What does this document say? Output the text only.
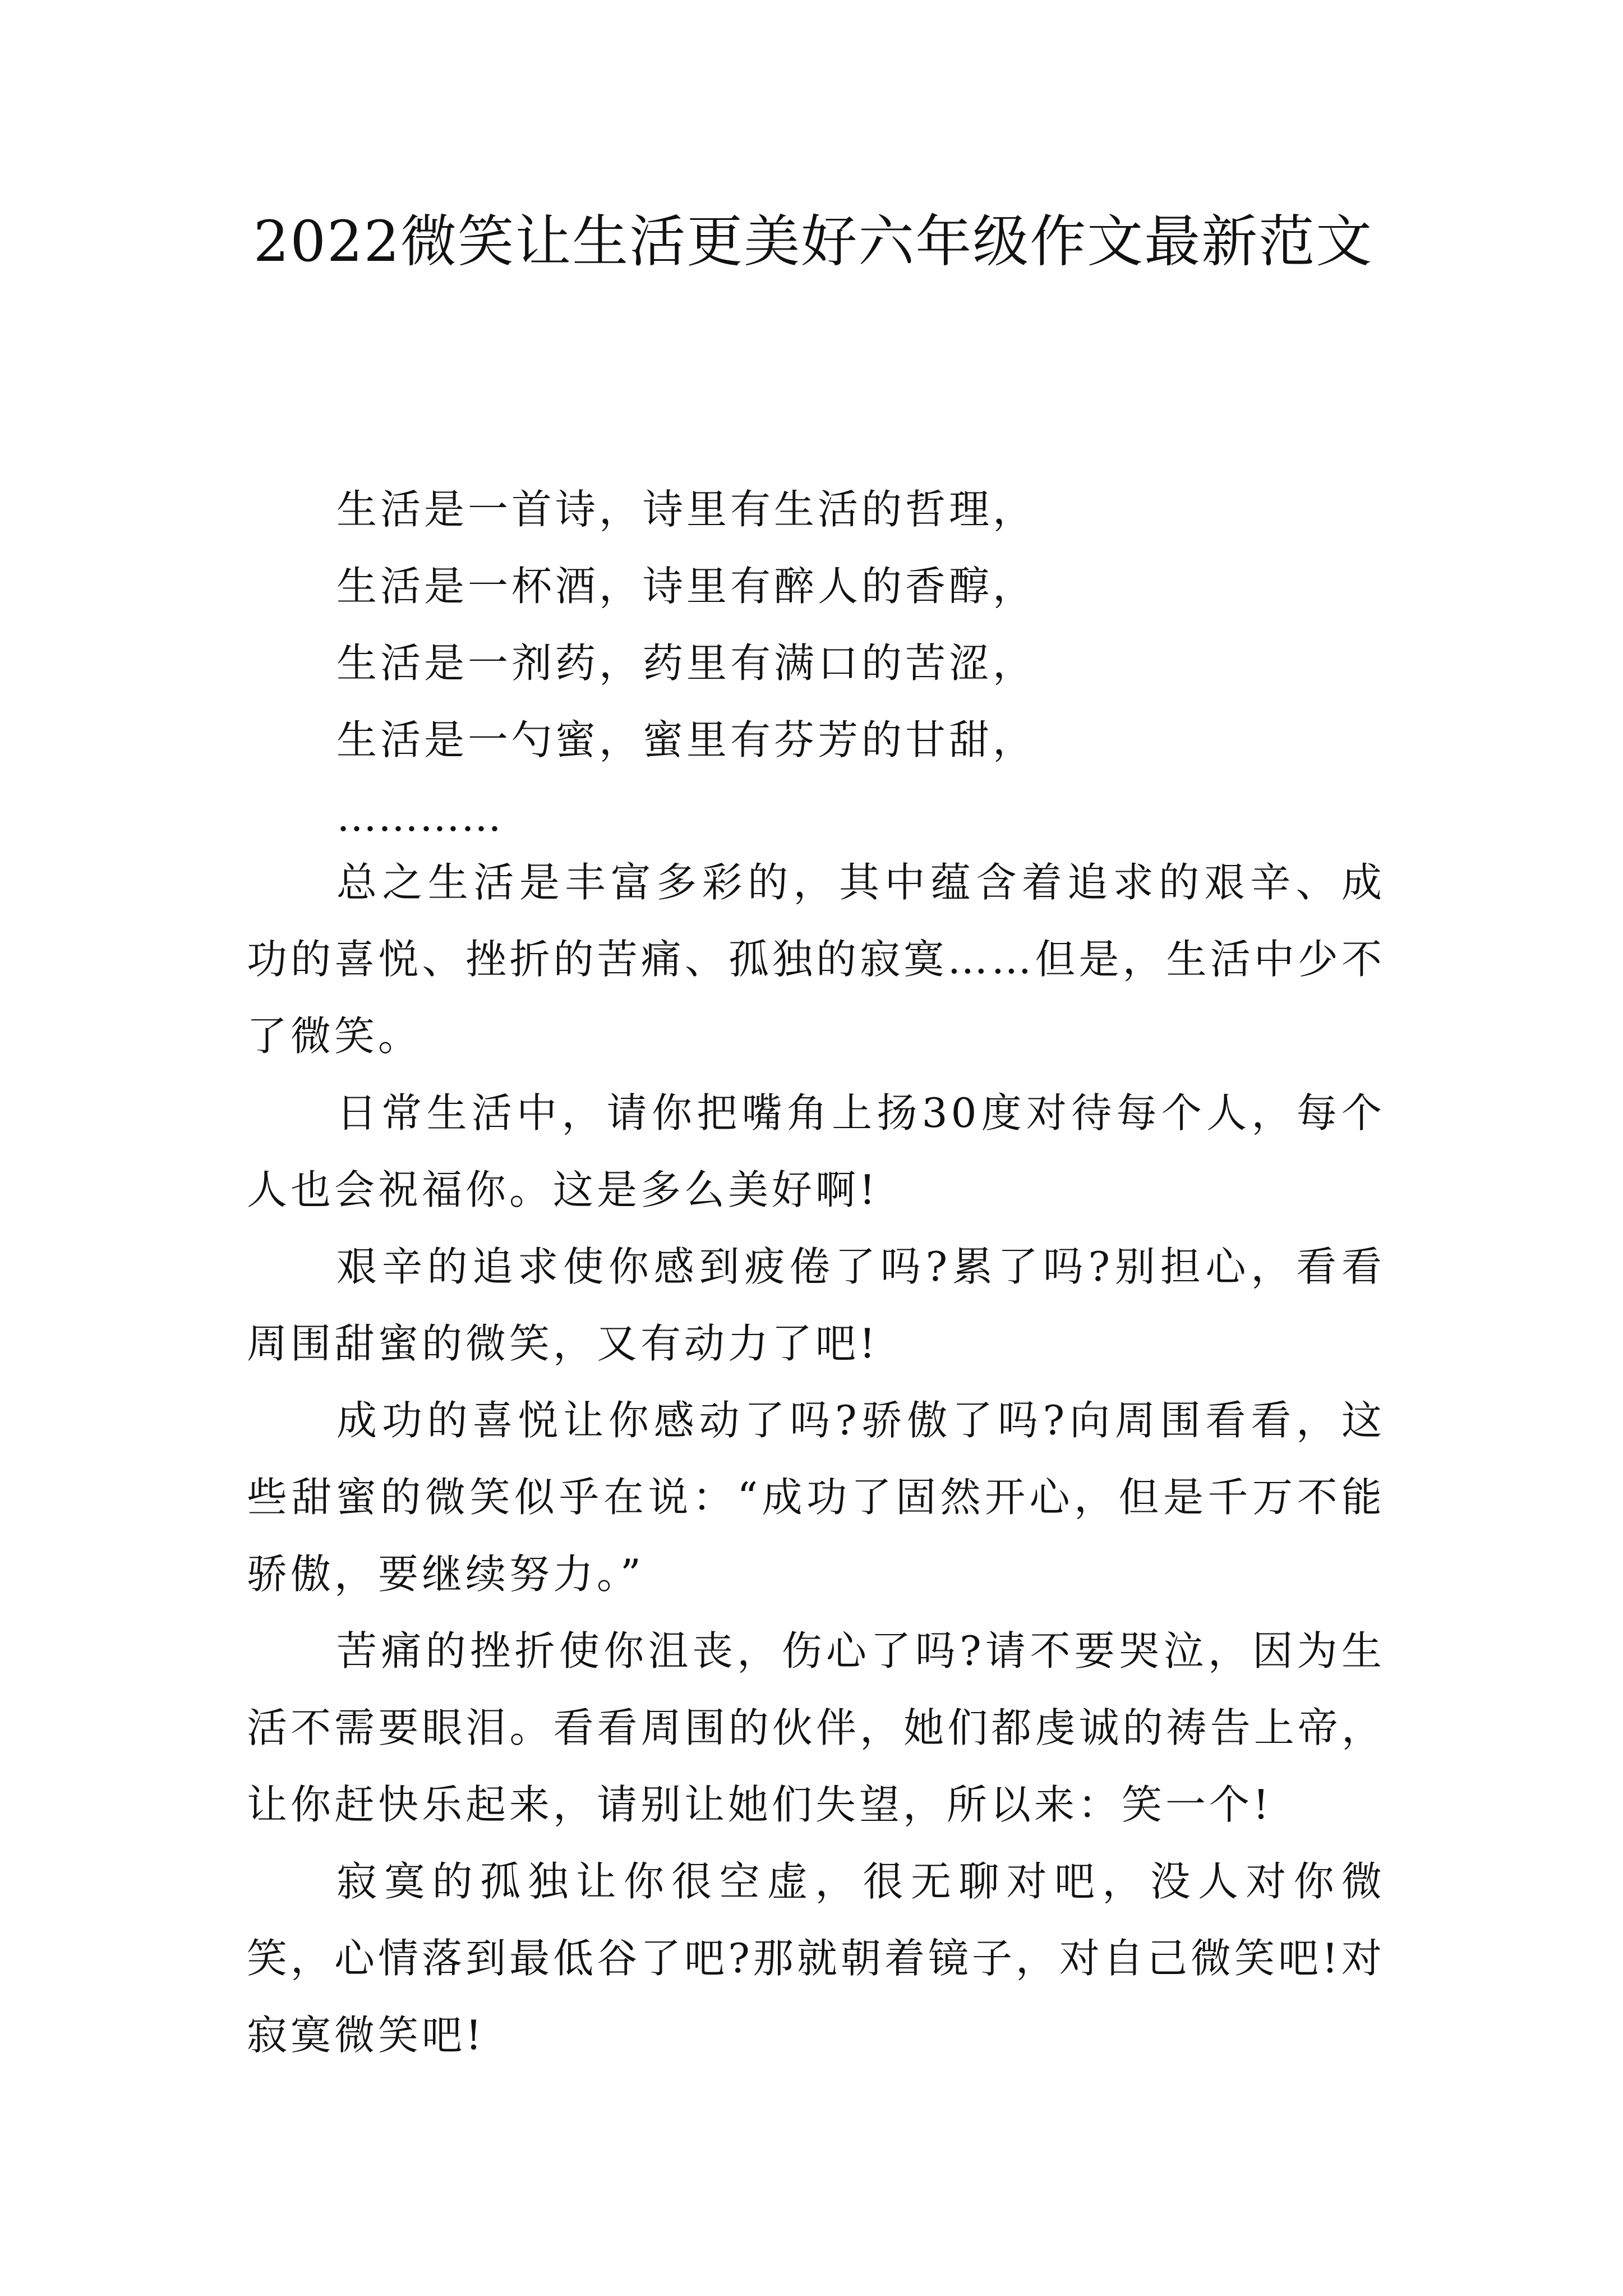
2022微笑让生活更美好六年级作文最新范文
生活是一首诗，诗里有生活的哲理，
生活是一杯酒，诗里有醉人的香醇，
生活是一剂药，药里有满口的苦涩，
生活是一勺蜜，蜜里有芬芳的甘甜，
…………

总之生活是丰富多彩的，其中蕴含着追求的艰辛、成功的喜悦、挫折的苦痛、孤独的寂寞……但是，生活中少不了微笑。

日常生活中，请你把嘴角上扬30度对待每个人，每个人也会祝福你。这是多么美好啊!

艰辛的追求使你感到疲倦了吗?累了吗?别担心，看看周围甜蜜的微笑，又有动力了吧!

成功的喜悦让你感动了吗?骄傲了吗?向周围看看，这些甜蜜的微笑似乎在说：“成功了固然开心，但是千万不能骄傲，要继续努力。”

苦痛的挫折使你沮丧，伤心了吗?请不要哭泣，因为生活不需要眼泪。看看周围的伙伴，她们都虔诚的祷告上帝，让你赶快乐起来，请别让她们失望，所以来：笑一个!

寂寞的孤独让你很空虚，很无聊对吧，没人对你微笑，心情落到最低谷了吧?那就朝着镜子，对自己微笑吧!对寂寞微笑吧!
